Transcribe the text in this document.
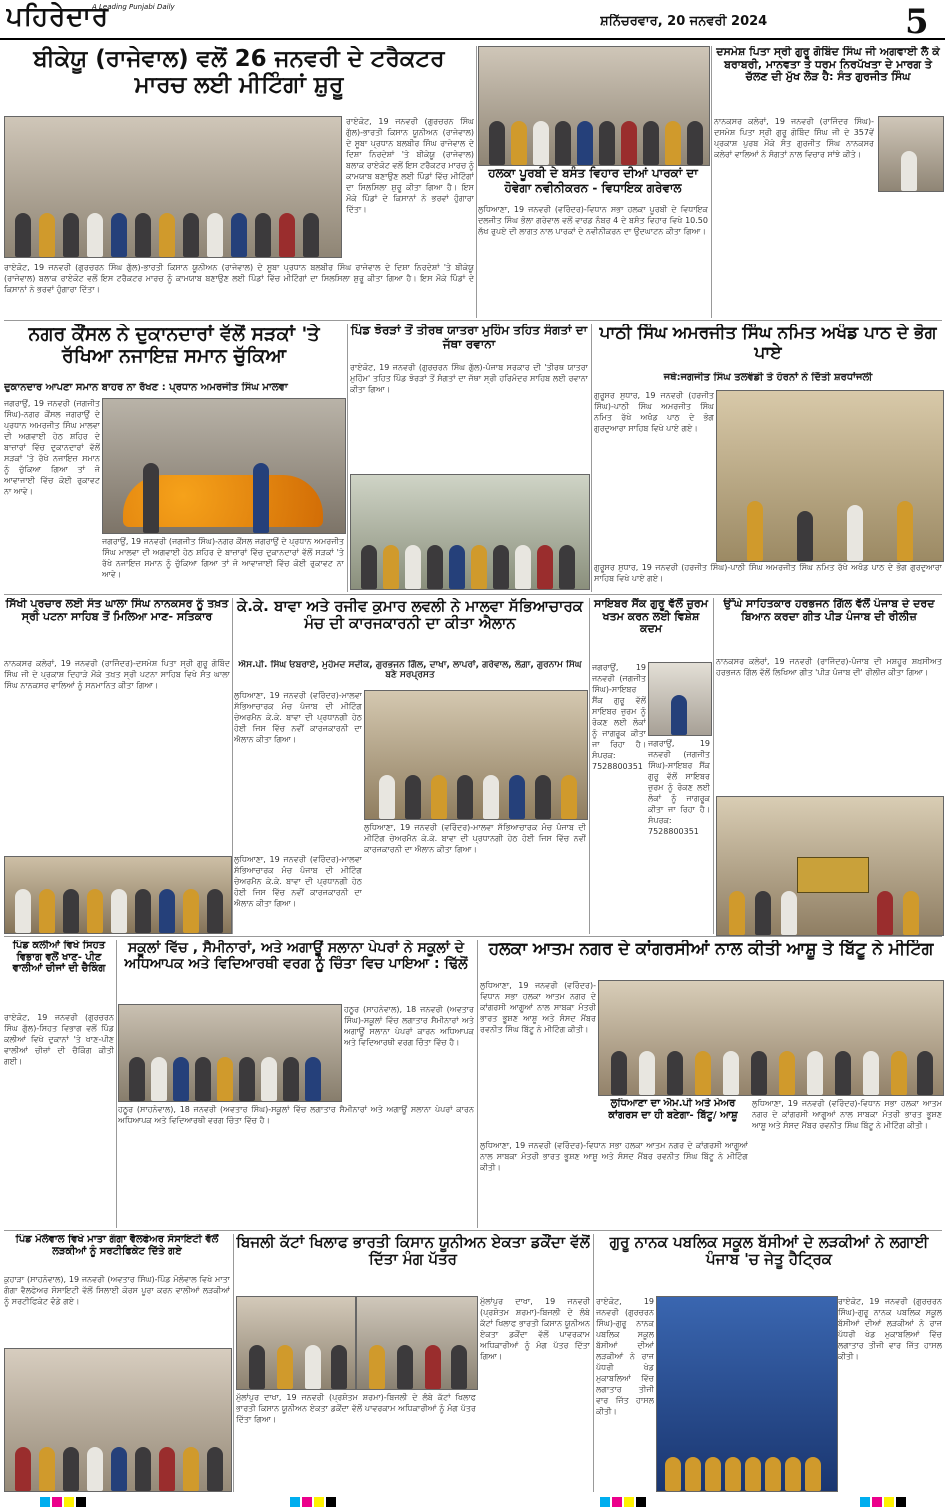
ਪਹਿਰੇਦਾਰ
A Leading Punjabi Daily
ਸ਼ਨਿੱਚਰਵਾਰ, 20 ਜਨਵਰੀ 2024	5
ਬੀਕੇਯੂ (ਰਾਜੇਵਾਲ) ਵਲੋਂ 26 ਜਨਵਰੀ ਦੇ ਟਰੈਕਟਰ ਮਾਰਚ ਲਈ ਮੀਟਿੰਗਾਂ ਸ਼ੁਰੂ
ਰਾਏਕੋਟ, 19 ਜਨਵਰੀ (ਗੁਰਚਰਨ ਸਿੰਘ ਗੁੱਲ)-ਭਾਰਤੀ ਕਿਸਾਨ ਯੂਨੀਅਨ (ਰਾਜੇਵਾਲ) ਦੇ ਸੂਬਾ ਪ੍ਰਧਾਨ ਬਲਬੀਰ ਸਿੰਘ ਰਾਜੇਵਾਲ ਦੇ ਦਿਸ਼ਾ ਨਿਰਦੇਸ਼ਾਂ 'ਤੇ ਬੀਕੇਯੂ (ਰਾਜੇਵਾਲ) ਬਲਾਕ ਰਾਏਕੋਟ ਵਲੋਂ ਇਸ ਟਰੈਕਟਰ ਮਾਰਚ ਨੂੰ ਕਾਮਯਾਬ ਬਣਾਉਣ ਲਈ ਪਿੰਡਾਂ ਵਿੱਚ ਮੀਟਿੰਗਾਂ ਦਾ ਸਿਲਸਿਲਾ ਸ਼ੁਰੂ ਕੀਤਾ ਗਿਆ ਹੈ। ਇਸ ਮੌਕੇ ਪਿੰਡਾਂ ਦੇ ਕਿਸਾਨਾਂ ਨੇ ਭਰਵਾਂ ਹੁੰਗਾਰਾ ਦਿੱਤਾ।
ਰਾਏਕੋਟ, 19 ਜਨਵਰੀ (ਗੁਰਚਰਨ ਸਿੰਘ ਗੁੱਲ)-ਭਾਰਤੀ ਕਿਸਾਨ ਯੂਨੀਅਨ (ਰਾਜੇਵਾਲ) ਦੇ ਸੂਬਾ ਪ੍ਰਧਾਨ ਬਲਬੀਰ ਸਿੰਘ ਰਾਜੇਵਾਲ ਦੇ ਦਿਸ਼ਾ ਨਿਰਦੇਸ਼ਾਂ 'ਤੇ ਬੀਕੇਯੂ (ਰਾਜੇਵਾਲ) ਬਲਾਕ ਰਾਏਕੋਟ ਵਲੋਂ ਇਸ ਟਰੈਕਟਰ ਮਾਰਚ ਨੂੰ ਕਾਮਯਾਬ ਬਣਾਉਣ ਲਈ ਪਿੰਡਾਂ ਵਿੱਚ ਮੀਟਿੰਗਾਂ ਦਾ ਸਿਲਸਿਲਾ ਸ਼ੁਰੂ ਕੀਤਾ ਗਿਆ ਹੈ। ਇਸ ਮੌਕੇ ਪਿੰਡਾਂ ਦੇ ਕਿਸਾਨਾਂ ਨੇ ਭਰਵਾਂ ਹੁੰਗਾਰਾ ਦਿੱਤਾ।
ਹਲਕਾ ਪੂਰਬੀ ਦੇ ਬਸੰਤ ਵਿਹਾਰ ਦੀਆਂ ਪਾਰਕਾਂ ਦਾ ਹੋਵੇਗਾ ਨਵੀਨੀਕਰਨ - ਵਿਧਾਇਕ ਗਰੇਵਾਲ
ਲੁਧਿਆਣਾ, 19 ਜਨਵਰੀ (ਵਰਿੰਦਰ)-ਵਿਧਾਨ ਸਭਾ ਹਲਕਾ ਪੂਰਬੀ ਦੇ ਵਿਧਾਇਕ ਦਲਜੀਤ ਸਿੰਘ ਭੋਲਾ ਗਰੇਵਾਲ ਵਲੋਂ ਵਾਰਡ ਨੰਬਰ 4 ਦੇ ਬਸੰਤ ਵਿਹਾਰ ਵਿਖੇ 10.50 ਲੱਖ ਰੁਪਏ ਦੀ ਲਾਗਤ ਨਾਲ ਪਾਰਕਾਂ ਦੇ ਨਵੀਨੀਕਰਨ ਦਾ ਉਦਘਾਟਨ ਕੀਤਾ ਗਿਆ।
ਦਸਮੇਸ਼ ਪਿਤਾ ਸ੍ਰੀ ਗੁਰੂ ਗੋਬਿੰਦ ਸਿੰਘ ਜੀ ਅਗਵਾਈ ਲੈ ਕੇ ਬਰਾਬਰੀ, ਮਾਨਵਤਾ ਤੇ ਧਰਮ ਨਿਰਪੱਖਤਾ ਦੇ ਮਾਰਗ ਤੇ ਚੱਲਣ ਦੀ ਮੁੱਖ ਲੋੜ ਹੈ: ਸੰਤ ਗੁਰਜੀਤ ਸਿੰਘ
ਨਾਨਕਸਰ ਕਲੇਰਾਂ, 19 ਜਨਵਰੀ (ਰਾਜਿੰਦਰ ਸਿੰਘ)-ਦਸਮੇਸ਼ ਪਿਤਾ ਸ੍ਰੀ ਗੁਰੂ ਗੋਬਿੰਦ ਸਿੰਘ ਜੀ ਦੇ 357ਵੇਂ ਪ੍ਰਕਾਸ਼ ਪੁਰਬ ਮੌਕੇ ਸੰਤ ਗੁਰਜੀਤ ਸਿੰਘ ਨਾਨਕਸਰ ਕਲੇਰਾਂ ਵਾਲਿਆਂ ਨੇ ਸੰਗਤਾਂ ਨਾਲ ਵਿਚਾਰ ਸਾਂਝੇ ਕੀਤੇ।
ਨਗਰ ਕੌਂਸਲ ਨੇ ਦੁਕਾਨਦਾਰਾਂ ਵੱਲੋਂ ਸੜਕਾਂ 'ਤੇ ਰੱਖਿਆ ਨਜਾਇਜ਼ ਸਮਾਨ ਚੁੱਕਿਆ
ਦੁਕਾਨਦਾਰ ਆਪਣਾ ਸਮਾਨ ਬਾਹਰ ਨਾ ਰੱਖਣ : ਪ੍ਰਧਾਨ ਅਮਰਜੀਤ ਸਿੰਘ ਮਾਲਵਾ
ਜਗਰਾਉਂ, 19 ਜਨਵਰੀ (ਜਗਜੀਤ ਸਿੰਘ)-ਨਗਰ ਕੌਂਸਲ ਜਗਰਾਉਂ ਦੇ ਪ੍ਰਧਾਨ ਅਮਰਜੀਤ ਸਿੰਘ ਮਾਲਵਾ ਦੀ ਅਗਵਾਈ ਹੇਠ ਸ਼ਹਿਰ ਦੇ ਬਾਜ਼ਾਰਾਂ ਵਿੱਚ ਦੁਕਾਨਦਾਰਾਂ ਵੱਲੋਂ ਸੜਕਾਂ 'ਤੇ ਰੱਖੇ ਨਜਾਇਜ਼ ਸਮਾਨ ਨੂੰ ਚੁੱਕਿਆ ਗਿਆ ਤਾਂ ਜੋ ਆਵਾਜਾਈ ਵਿੱਚ ਕੋਈ ਰੁਕਾਵਟ ਨਾ ਆਵੇ।
ਜਗਰਾਉਂ, 19 ਜਨਵਰੀ (ਜਗਜੀਤ ਸਿੰਘ)-ਨਗਰ ਕੌਂਸਲ ਜਗਰਾਉਂ ਦੇ ਪ੍ਰਧਾਨ ਅਮਰਜੀਤ ਸਿੰਘ ਮਾਲਵਾ ਦੀ ਅਗਵਾਈ ਹੇਠ ਸ਼ਹਿਰ ਦੇ ਬਾਜ਼ਾਰਾਂ ਵਿੱਚ ਦੁਕਾਨਦਾਰਾਂ ਵੱਲੋਂ ਸੜਕਾਂ 'ਤੇ ਰੱਖੇ ਨਜਾਇਜ਼ ਸਮਾਨ ਨੂੰ ਚੁੱਕਿਆ ਗਿਆ ਤਾਂ ਜੋ ਆਵਾਜਾਈ ਵਿੱਚ ਕੋਈ ਰੁਕਾਵਟ ਨਾ ਆਵੇ।
ਪਿੰਡ ਝੋਰੜਾਂ ਤੋਂ ਤੀਰਥ ਯਾਤਰਾ ਮੁਹਿੰਮ ਤਹਿਤ ਸੰਗਤਾਂ ਦਾ ਜੱਥਾ ਰਵਾਨਾ
ਰਾਏਕੋਟ, 19 ਜਨਵਰੀ (ਗੁਰਚਰਨ ਸਿੰਘ ਗੁੱਲ)-ਪੰਜਾਬ ਸਰਕਾਰ ਦੀ 'ਤੀਰਥ ਯਾਤਰਾ ਮੁਹਿੰਮ' ਤਹਿਤ ਪਿੰਡ ਝੋਰੜਾਂ ਤੋਂ ਸੰਗਤਾਂ ਦਾ ਜੱਥਾ ਸ੍ਰੀ ਹਰਿਮੰਦਰ ਸਾਹਿਬ ਲਈ ਰਵਾਨਾ ਕੀਤਾ ਗਿਆ।
ਪਾਠੀ ਸਿੰਘ ਅਮਰਜੀਤ ਸਿੰਘ ਨਮਿਤ ਅਖੰਡ ਪਾਠ ਦੇ ਭੋਗ ਪਾਏ
ਜਥੇ:ਜਗਜੀਤ ਸਿੰਘ ਤਲਵੰਡੀ ਤੇ ਹੋਰਨਾਂ ਨੇ ਦਿੱਤੀ ਸ਼ਰਧਾਂਜਲੀ
ਗੁਰੂਸਰ ਸੁਧਾਰ, 19 ਜਨਵਰੀ (ਹਰਜੀਤ ਸਿੰਘ)-ਪਾਠੀ ਸਿੰਘ ਅਮਰਜੀਤ ਸਿੰਘ ਨਮਿਤ ਰੱਖੇ ਅਖੰਡ ਪਾਠ ਦੇ ਭੋਗ ਗੁਰਦੁਆਰਾ ਸਾਹਿਬ ਵਿਖੇ ਪਾਏ ਗਏ।
ਗੁਰੂਸਰ ਸੁਧਾਰ, 19 ਜਨਵਰੀ (ਹਰਜੀਤ ਸਿੰਘ)-ਪਾਠੀ ਸਿੰਘ ਅਮਰਜੀਤ ਸਿੰਘ ਨਮਿਤ ਰੱਖੇ ਅਖੰਡ ਪਾਠ ਦੇ ਭੋਗ ਗੁਰਦੁਆਰਾ ਸਾਹਿਬ ਵਿਖੇ ਪਾਏ ਗਏ।
ਸਿੱਖੀ ਪ੍ਰਚਾਰ ਲਈ ਸੰਤ ਘਾਲਾ ਸਿੰਘ ਨਾਨਕਸਰ ਨੂੰ ਤਖ਼ਤ ਸ੍ਰੀ ਪਟਨਾ ਸਾਹਿਬ ਤੋਂ ਮਿਲਿਆ ਮਾਣ- ਸਤਿਕਾਰ
ਨਾਨਕਸਰ ਕਲੇਰਾਂ, 19 ਜਨਵਰੀ (ਰਾਜਿੰਦਰ)-ਦਸਮੇਸ਼ ਪਿਤਾ ਸ੍ਰੀ ਗੁਰੂ ਗੋਬਿੰਦ ਸਿੰਘ ਜੀ ਦੇ ਪ੍ਰਕਾਸ਼ ਦਿਹਾੜੇ ਮੌਕੇ ਤਖ਼ਤ ਸ੍ਰੀ ਪਟਨਾ ਸਾਹਿਬ ਵਿਖੇ ਸੰਤ ਘਾਲਾ ਸਿੰਘ ਨਾਨਕਸਰ ਵਾਲਿਆਂ ਨੂੰ ਸਨਮਾਨਿਤ ਕੀਤਾ ਗਿਆ।
ਕੇ.ਕੇ. ਬਾਵਾ ਅਤੇ ਰਜੀਵ ਕੁਮਾਰ ਲਵਲੀ ਨੇ ਮਾਲਵਾ ਸੱਭਿਆਚਾਰਕ ਮੰਚ ਦੀ ਕਾਰਜਕਾਰਨੀ ਦਾ ਕੀਤਾ ਐਲਾਨ
ਐਸ.ਪੀ. ਸਿੰਘ ਓਬਰਾਏ, ਮੁਹੰਮਦ ਸਦੀਕ, ਗੁਰਭਜਨ ਗਿੱਲ, ਦਾਖਾ, ਲਾਪਰਾਂ, ਗਰੇਵਾਲ, ਲੰਗ਼ਾ, ਗੁਰਨਾਮ ਸਿੰਘ ਬਣੇ ਸਰਪ੍ਰਸਤ
ਲੁਧਿਆਣਾ, 19 ਜਨਵਰੀ (ਵਰਿੰਦਰ)-ਮਾਲਵਾ ਸੱਭਿਆਚਾਰਕ ਮੰਚ ਪੰਜਾਬ ਦੀ ਮੀਟਿੰਗ ਚੇਅਰਮੈਨ ਕੇ.ਕੇ. ਬਾਵਾ ਦੀ ਪ੍ਰਧਾਨਗੀ ਹੇਠ ਹੋਈ ਜਿਸ ਵਿੱਚ ਨਵੀਂ ਕਾਰਜਕਾਰਨੀ ਦਾ ਐਲਾਨ ਕੀਤਾ ਗਿਆ।
ਲੁਧਿਆਣਾ, 19 ਜਨਵਰੀ (ਵਰਿੰਦਰ)-ਮਾਲਵਾ ਸੱਭਿਆਚਾਰਕ ਮੰਚ ਪੰਜਾਬ ਦੀ ਮੀਟਿੰਗ ਚੇਅਰਮੈਨ ਕੇ.ਕੇ. ਬਾਵਾ ਦੀ ਪ੍ਰਧਾਨਗੀ ਹੇਠ ਹੋਈ ਜਿਸ ਵਿੱਚ ਨਵੀਂ ਕਾਰਜਕਾਰਨੀ ਦਾ ਐਲਾਨ ਕੀਤਾ ਗਿਆ।
ਸਾਇਬਰ ਸੈਂਕ ਗੁਰੂ ਵੱਲੋਂ ਜ਼ੁਰਮ ਖਤਮ ਕਰਨ ਲਈ ਵਿਸ਼ੇਸ਼ ਕਦਮ
ਜਗਰਾਉਂ, 19 ਜਨਵਰੀ (ਜਗਜੀਤ ਸਿੰਘ)-ਸਾਇਬਰ ਸੈਂਕ ਗੁਰੂ ਵੱਲੋਂ ਸਾਇਬਰ ਜ਼ੁਰਮ ਨੂੰ ਰੋਕਣ ਲਈ ਲੋਕਾਂ ਨੂੰ ਜਾਗਰੂਕ ਕੀਤਾ ਜਾ ਰਿਹਾ ਹੈ। ਸੰਪਰਕ: 7528800351
ਜਗਰਾਉਂ, 19 ਜਨਵਰੀ (ਜਗਜੀਤ ਸਿੰਘ)-ਸਾਇਬਰ ਸੈਂਕ ਗੁਰੂ ਵੱਲੋਂ ਸਾਇਬਰ ਜ਼ੁਰਮ ਨੂੰ ਰੋਕਣ ਲਈ ਲੋਕਾਂ ਨੂੰ ਜਾਗਰੂਕ ਕੀਤਾ ਜਾ ਰਿਹਾ ਹੈ। ਸੰਪਰਕ: 7528800351
ਉੱਘੇ ਸਾਹਿਤਕਾਰ ਹਰਭਜਨ ਗਿੱਲ ਵੱਲੋਂ ਪੰਜਾਬ ਦੇ ਦਰਦ ਬਿਆਨ ਕਰਦਾ ਗੀਤ ਪੀੜ ਪੰਜਾਬ ਦੀ ਰੀਲੀਜ਼
ਨਾਨਕਸਰ ਕਲੇਰਾਂ, 19 ਜਨਵਰੀ (ਰਾਜਿੰਦਰ)-ਪੰਜਾਬ ਦੀ ਮਸ਼ਹੂਰ ਸ਼ਖ਼ਸੀਅਤ ਹਰਭਜਨ ਗਿੱਲ ਵੱਲੋਂ ਲਿਖਿਆ ਗੀਤ 'ਪੀੜ ਪੰਜਾਬ ਦੀ' ਰੀਲੀਜ਼ ਕੀਤਾ ਗਿਆ।
ਲੁਧਿਆਣਾ, 19 ਜਨਵਰੀ (ਵਰਿੰਦਰ)-ਮਾਲਵਾ ਸੱਭਿਆਚਾਰਕ ਮੰਚ ਪੰਜਾਬ ਦੀ ਮੀਟਿੰਗ ਚੇਅਰਮੈਨ ਕੇ.ਕੇ. ਬਾਵਾ ਦੀ ਪ੍ਰਧਾਨਗੀ ਹੇਠ ਹੋਈ ਜਿਸ ਵਿੱਚ ਨਵੀਂ ਕਾਰਜਕਾਰਨੀ ਦਾ ਐਲਾਨ ਕੀਤਾ ਗਿਆ।
ਪਿੰਡ ਕਲੀਆਂ ਵਿਖੇ ਸਿਹਤ ਵਿਭਾਗ ਵਲੋਂ ਖਾਣ- ਪੀਣ ਵਾਲੀਆਂ ਚੀਜਾਂ ਦੀ ਚੈਕਿੰਗ
ਰਾਏਕੋਟ, 19 ਜਨਵਰੀ (ਗੁਰਚਰਨ ਸਿੰਘ ਗੁੱਲ)-ਸਿਹਤ ਵਿਭਾਗ ਵਲੋਂ ਪਿੰਡ ਕਲੀਆਂ ਵਿਖੇ ਦੁਕਾਨਾਂ 'ਤੇ ਖਾਣ-ਪੀਣ ਵਾਲੀਆਂ ਚੀਜ਼ਾਂ ਦੀ ਚੈਕਿੰਗ ਕੀਤੀ ਗਈ।
ਸਕੂਲਾਂ ਵਿੱਚ , ਸੈਮੀਨਾਰਾਂ, ਅਤੇ ਅਗਾਊਂ ਸਲਾਨਾ ਪੇਪਰਾਂ ਨੇ ਸਕੂਲਾਂ ਦੇ ਅਧਿਆਪਕ ਅਤੇ ਵਿਦਿਆਰਥੀ ਵਰਗ ਨੂੰ ਚਿੰਤਾ ਵਿਚ ਪਾਇਆ : ਢਿੱਲੋਂ
ਹਠੂਰ (ਸਾਹਨੇਵਾਲ), 18 ਜਨਵਰੀ (ਅਵਤਾਰ ਸਿੰਘ)-ਸਕੂਲਾਂ ਵਿੱਚ ਲਗਾਤਾਰ ਸੈਮੀਨਾਰਾਂ ਅਤੇ ਅਗਾਊਂ ਸਲਾਨਾ ਪੇਪਰਾਂ ਕਾਰਨ ਅਧਿਆਪਕ ਅਤੇ ਵਿਦਿਆਰਥੀ ਵਰਗ ਚਿੰਤਾ ਵਿੱਚ ਹੈ।
ਹਠੂਰ (ਸਾਹਨੇਵਾਲ), 18 ਜਨਵਰੀ (ਅਵਤਾਰ ਸਿੰਘ)-ਸਕੂਲਾਂ ਵਿੱਚ ਲਗਾਤਾਰ ਸੈਮੀਨਾਰਾਂ ਅਤੇ ਅਗਾਊਂ ਸਲਾਨਾ ਪੇਪਰਾਂ ਕਾਰਨ ਅਧਿਆਪਕ ਅਤੇ ਵਿਦਿਆਰਥੀ ਵਰਗ ਚਿੰਤਾ ਵਿੱਚ ਹੈ।
ਹਲਕਾ ਆਤਮ ਨਗਰ ਦੇ ਕਾਂਗਰਸੀਆਂ ਨਾਲ ਕੀਤੀ ਆਸ਼ੂ ਤੇ ਬਿੱਟੂ ਨੇ ਮੀਟਿੰਗ
ਲੁਧਿਆਣਾ, 19 ਜਨਵਰੀ (ਵਰਿੰਦਰ)-ਵਿਧਾਨ ਸਭਾ ਹਲਕਾ ਆਤਮ ਨਗਰ ਦੇ ਕਾਂਗਰਸੀ ਆਗੂਆਂ ਨਾਲ ਸਾਬਕਾ ਮੰਤਰੀ ਭਾਰਤ ਭੂਸ਼ਣ ਆਸ਼ੂ ਅਤੇ ਸੰਸਦ ਮੈਂਬਰ ਰਵਨੀਤ ਸਿੰਘ ਬਿੱਟੂ ਨੇ ਮੀਟਿੰਗ ਕੀਤੀ।
ਲੁਧਿਆਣਾ ਦਾ ਐਮ.ਪੀ ਅਤੇ ਮੇਅਰ ਕਾਂਗਰਸ ਦਾ ਹੀ ਬਣੇਗਾ- ਬਿੱਟੂ/ ਆਸ਼ੂ
ਲੁਧਿਆਣਾ, 19 ਜਨਵਰੀ (ਵਰਿੰਦਰ)-ਵਿਧਾਨ ਸਭਾ ਹਲਕਾ ਆਤਮ ਨਗਰ ਦੇ ਕਾਂਗਰਸੀ ਆਗੂਆਂ ਨਾਲ ਸਾਬਕਾ ਮੰਤਰੀ ਭਾਰਤ ਭੂਸ਼ਣ ਆਸ਼ੂ ਅਤੇ ਸੰਸਦ ਮੈਂਬਰ ਰਵਨੀਤ ਸਿੰਘ ਬਿੱਟੂ ਨੇ ਮੀਟਿੰਗ ਕੀਤੀ।
ਲੁਧਿਆਣਾ, 19 ਜਨਵਰੀ (ਵਰਿੰਦਰ)-ਵਿਧਾਨ ਸਭਾ ਹਲਕਾ ਆਤਮ ਨਗਰ ਦੇ ਕਾਂਗਰਸੀ ਆਗੂਆਂ ਨਾਲ ਸਾਬਕਾ ਮੰਤਰੀ ਭਾਰਤ ਭੂਸ਼ਣ ਆਸ਼ੂ ਅਤੇ ਸੰਸਦ ਮੈਂਬਰ ਰਵਨੀਤ ਸਿੰਘ ਬਿੱਟੂ ਨੇ ਮੀਟਿੰਗ ਕੀਤੀ।
ਪਿੰਡ ਮੋਲੋਵਾਲ ਵਿਖੇ ਮਾਤਾ ਗੰਗਾ ਵੈਲਫੇਅਰ ਸੋਸਾਇਟੀ ਵੱਲੋਂ ਲੜਕੀਆਂ ਨੂੰ ਸਰਟੀਫਿਕੇਟ ਦਿੱਤੇ ਗਏ
ਕੁਹਾੜਾ (ਸਾਹਨੇਵਾਲ), 19 ਜਨਵਰੀ (ਅਵਤਾਰ ਸਿੰਘ)-ਪਿੰਡ ਮੋਲੋਵਾਲ ਵਿਖੇ ਮਾਤਾ ਗੰਗਾ ਵੈਲਫੇਅਰ ਸੋਸਾਇਟੀ ਵੱਲੋਂ ਸਿਲਾਈ ਕੋਰਸ ਪੂਰਾ ਕਰਨ ਵਾਲੀਆਂ ਲੜਕੀਆਂ ਨੂੰ ਸਰਟੀਫਿਕੇਟ ਵੰਡੇ ਗਏ।
ਬਿਜਲੀ ਕੱਟਾਂ ਖਿਲਾਫ ਭਾਰਤੀ ਕਿਸਾਨ ਯੂਨੀਅਨ ਏਕਤਾ ਡਕੌਂਦਾ ਵੱਲੋਂ ਦਿੱਤਾ ਮੰਗ ਪੱਤਰ
ਮੁੱਲਾਂਪੁਰ ਦਾਖਾ, 19 ਜਨਵਰੀ (ਪ੍ਰਸ਼ੋਤਮ ਸ਼ਰਮਾ)-ਬਿਜਲੀ ਦੇ ਲੰਬੇ ਕੱਟਾਂ ਖਿਲਾਫ ਭਾਰਤੀ ਕਿਸਾਨ ਯੂਨੀਅਨ ਏਕਤਾ ਡਕੌਂਦਾ ਵੱਲੋਂ ਪਾਵਰਕਾਮ ਅਧਿਕਾਰੀਆਂ ਨੂੰ ਮੰਗ ਪੱਤਰ ਦਿੱਤਾ ਗਿਆ।
ਮੁੱਲਾਂਪੁਰ ਦਾਖਾ, 19 ਜਨਵਰੀ (ਪ੍ਰਸ਼ੋਤਮ ਸ਼ਰਮਾ)-ਬਿਜਲੀ ਦੇ ਲੰਬੇ ਕੱਟਾਂ ਖਿਲਾਫ ਭਾਰਤੀ ਕਿਸਾਨ ਯੂਨੀਅਨ ਏਕਤਾ ਡਕੌਂਦਾ ਵੱਲੋਂ ਪਾਵਰਕਾਮ ਅਧਿਕਾਰੀਆਂ ਨੂੰ ਮੰਗ ਪੱਤਰ ਦਿੱਤਾ ਗਿਆ।
ਗੁਰੂ ਨਾਨਕ ਪਬਲਿਕ ਸਕੂਲ ਬੱਸੀਆਂ ਦੇ ਲੜਕੀਆਂ ਨੇ ਲਗਾਈ ਪੰਜਾਬ 'ਚ ਜੇਤੂ ਹੈਟ੍ਰਿਕ
ਰਾਏਕੋਟ, 19 ਜਨਵਰੀ (ਗੁਰਚਰਨ ਸਿੰਘ)-ਗੁਰੂ ਨਾਨਕ ਪਬਲਿਕ ਸਕੂਲ ਬੱਸੀਆਂ ਦੀਆਂ ਲੜਕੀਆਂ ਨੇ ਰਾਜ ਪੱਧਰੀ ਖੇਡ ਮੁਕਾਬਲਿਆਂ ਵਿੱਚ ਲਗਾਤਾਰ ਤੀਜੀ ਵਾਰ ਜਿੱਤ ਹਾਸਲ ਕੀਤੀ।
ਰਾਏਕੋਟ, 19 ਜਨਵਰੀ (ਗੁਰਚਰਨ ਸਿੰਘ)-ਗੁਰੂ ਨਾਨਕ ਪਬਲਿਕ ਸਕੂਲ ਬੱਸੀਆਂ ਦੀਆਂ ਲੜਕੀਆਂ ਨੇ ਰਾਜ ਪੱਧਰੀ ਖੇਡ ਮੁਕਾਬਲਿਆਂ ਵਿੱਚ ਲਗਾਤਾਰ ਤੀਜੀ ਵਾਰ ਜਿੱਤ ਹਾਸਲ ਕੀਤੀ।
